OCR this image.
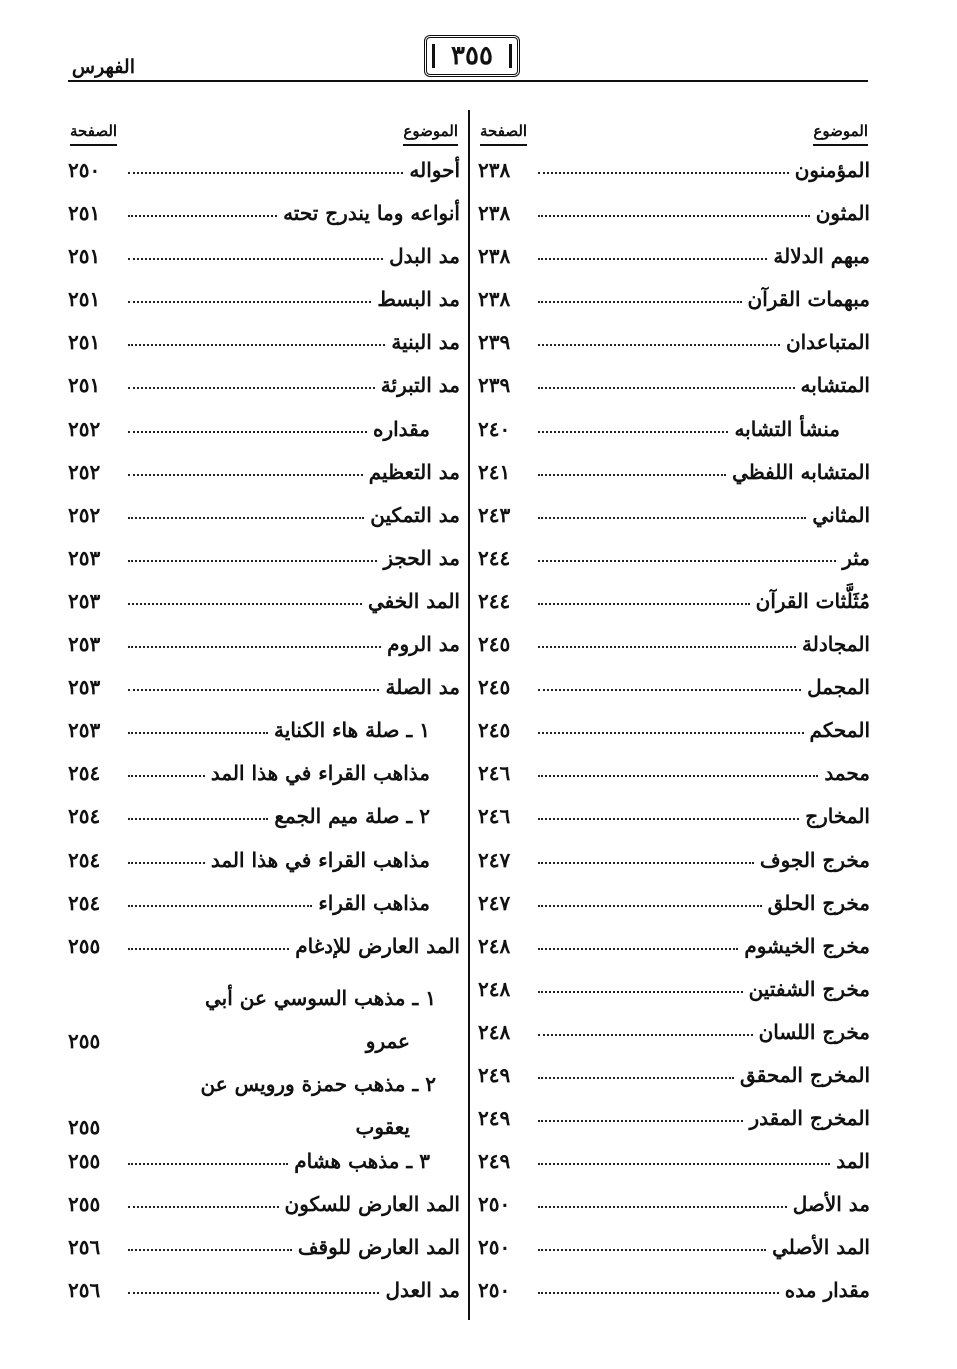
٣٥٥
الفهرس
الموضوع
الصفحة
المؤمنون
٢٣٨
المثون
٢٣٨
مبهم الدلالة
٢٣٨
مبهمات القرآن
٢٣٨
المتباعدان
٢٣٩
المتشابه
٢٣٩
منشأ التشابه
٢٤٠
المتشابه اللفظي
٢٤١
المثاني
٢٤٣
مثر
٢٤٤
مُثَلَّثات القرآن
٢٤٤
المجادلة
٢٤٥
المجمل
٢٤٥
المحكم
٢٤٥
محمد
٢٤٦
المخارج
٢٤٦
مخرج الجوف
٢٤٧
مخرج الحلق
٢٤٧
مخرج الخيشوم
٢٤٨
مخرج الشفتين
٢٤٨
مخرج اللسان
٢٤٨
المخرج المحقق
٢٤٩
المخرج المقدر
٢٤٩
المد
٢٤٩
مد الأصل
٢٥٠
المد الأصلي
٢٥٠
مقدار مده
٢٥٠
الموضوع
الصفحة
أحواله
٢٥٠
أنواعه وما يندرج تحته
٢٥١
مد البدل
٢٥١
مد البسط
٢٥١
مد البنية
٢٥١
مد التبرئة
٢٥١
مقداره
٢٥٢
مد التعظيم
٢٥٢
مد التمكين
٢٥٢
مد الحجز
٢٥٣
المد الخفي
٢٥٣
مد الروم
٢٥٣
مد الصلة
٢٥٣
١ ـ صلة هاء الكناية
٢٥٣
مذاهب القراء في هذا المد
٢٥٤
٢ ـ صلة ميم الجمع
٢٥٤
مذاهب القراء في هذا المد
٢٥٤
مذاهب القراء
٢٥٤
المد العارض للإدغام
٢٥٥
١ ـ مذهب السوسي عن أبي
عمرو
٢٥٥
٢ ـ مذهب حمزة ورويس عن
يعقوب
٢٥٥
٣ ـ مذهب هشام
٢٥٥
المد العارض للسكون
٢٥٥
المد العارض للوقف
٢٥٦
مد العدل
٢٥٦
